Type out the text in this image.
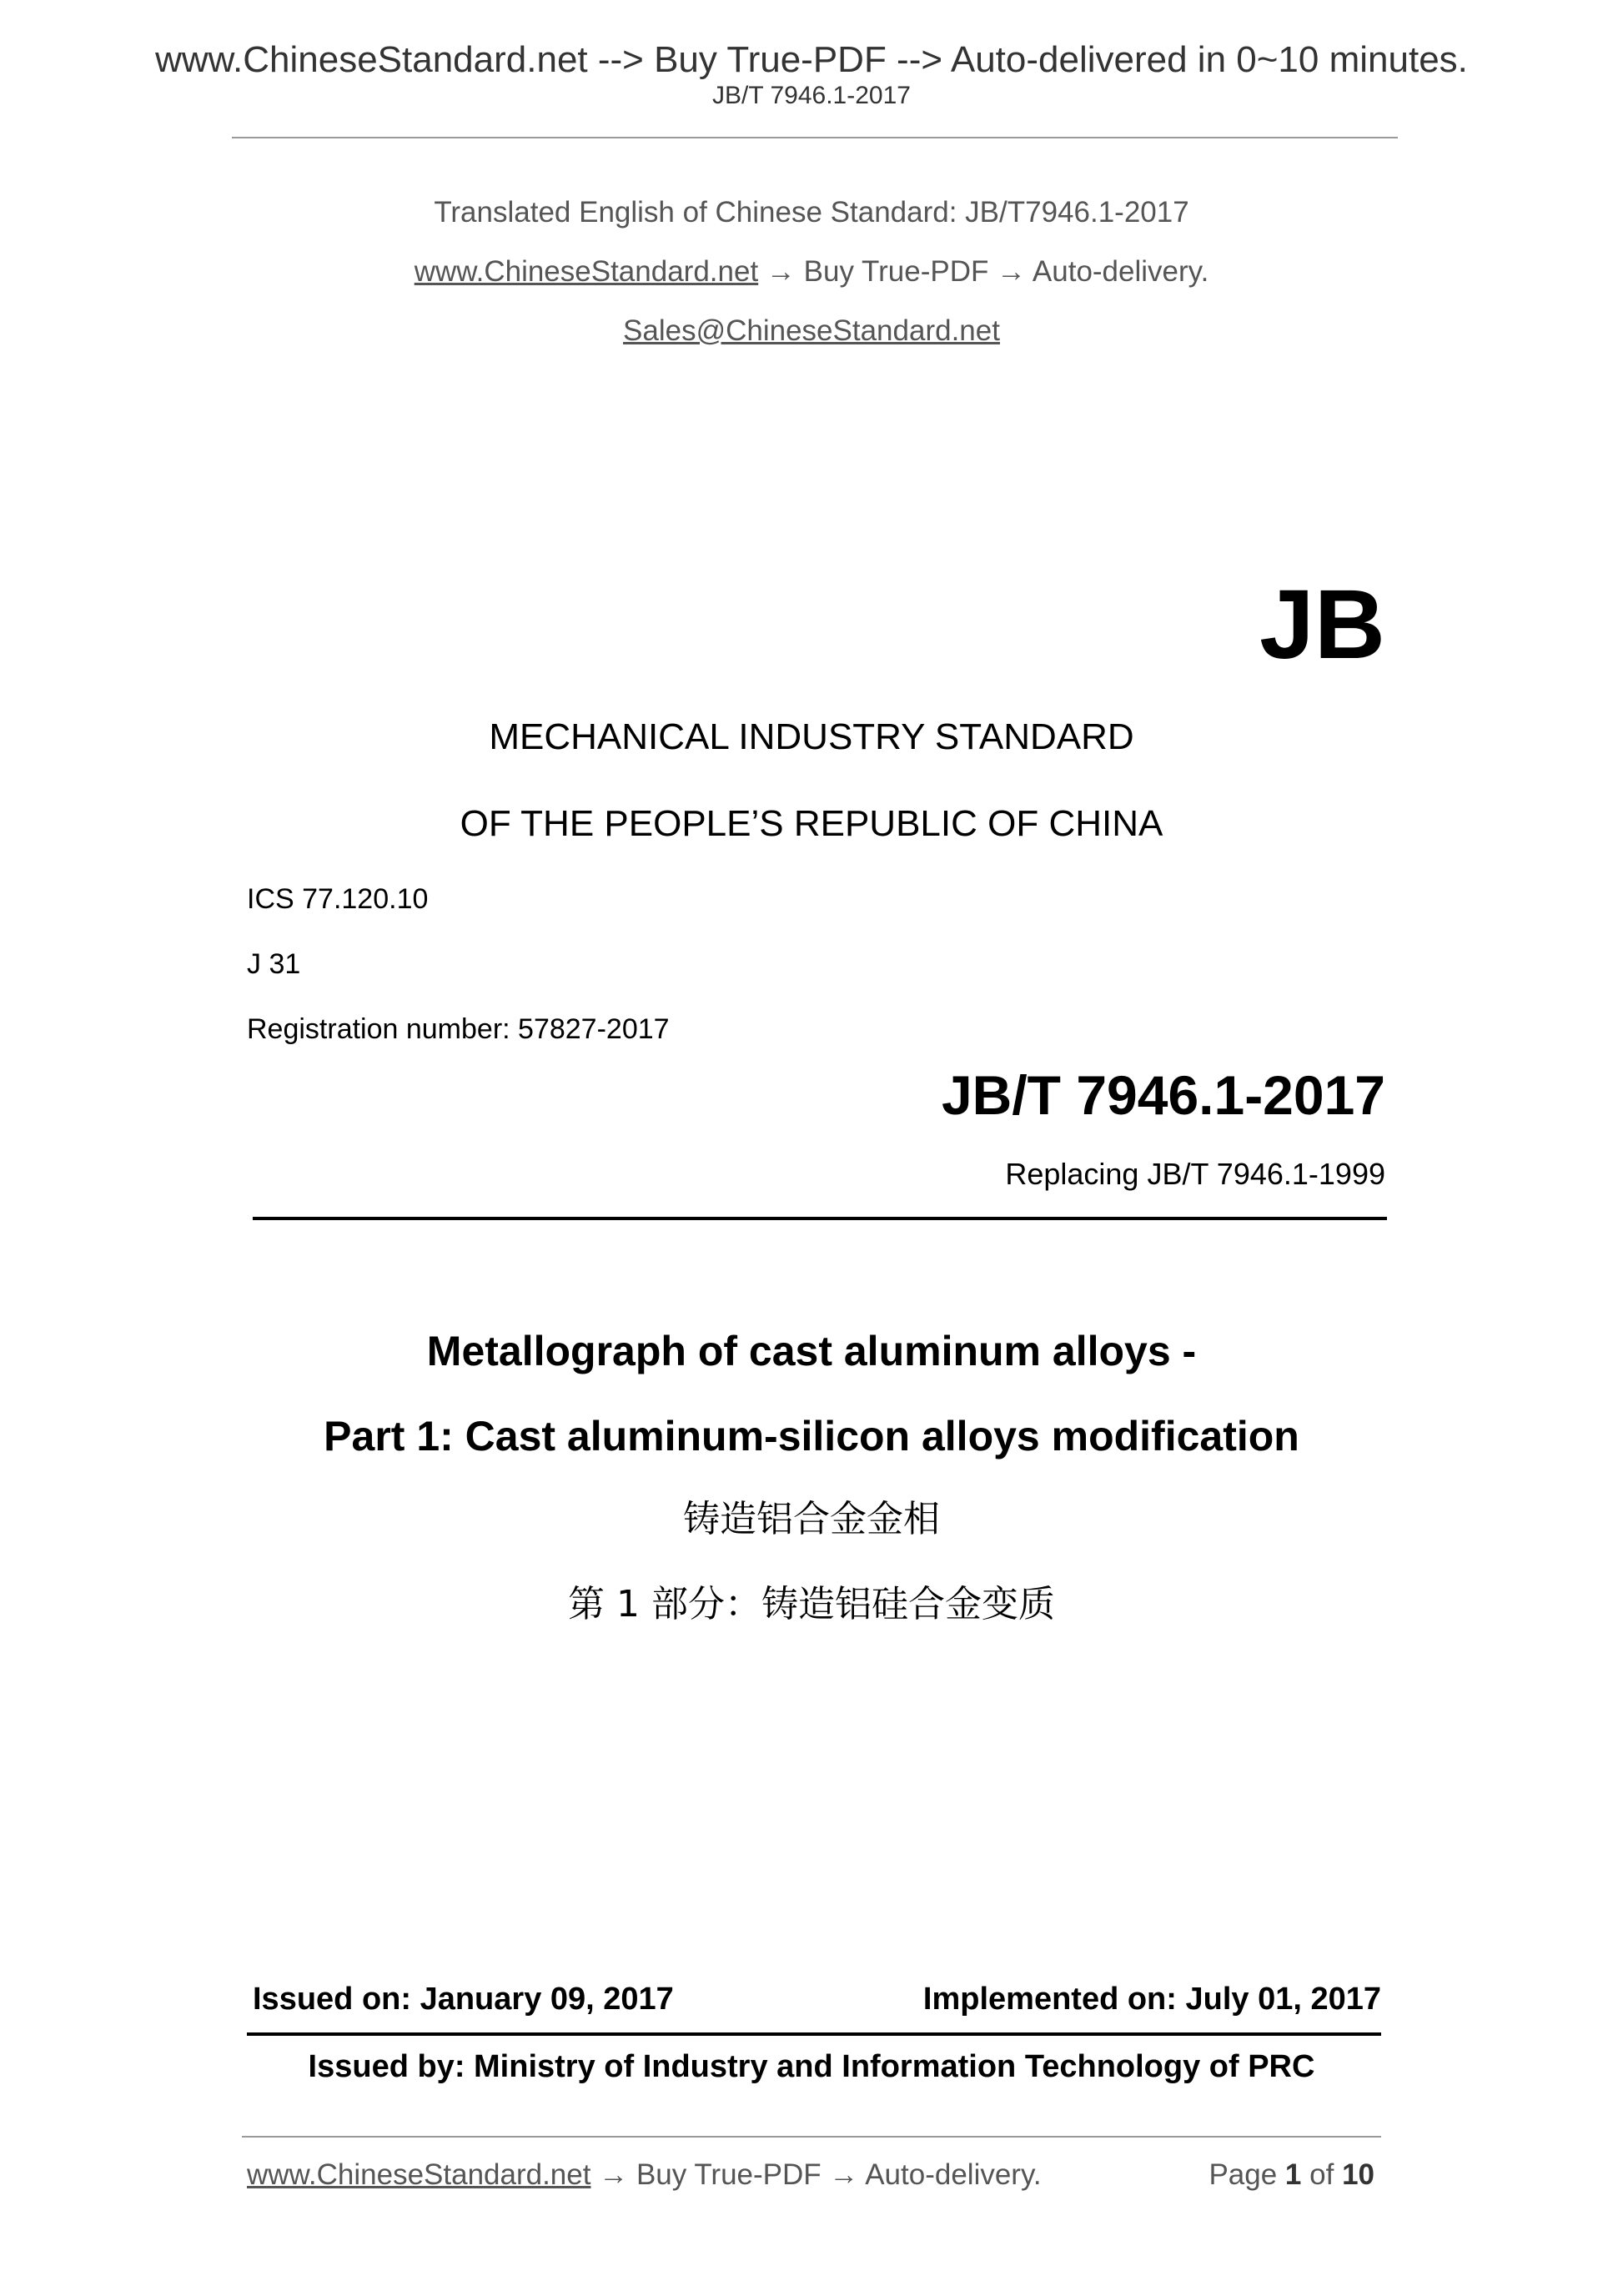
www.ChineseStandard.net --> Buy True-PDF --> Auto-delivered in 0~10 minutes.
JB/T 7946.1-2017
Translated English of Chinese Standard: JB/T7946.1-2017
www.ChineseStandard.net → Buy True-PDF → Auto-delivery.
Sales@ChineseStandard.net
JB
MECHANICAL INDUSTRY STANDARD
OF THE PEOPLE’S REPUBLIC OF CHINA
ICS 77.120.10
J 31
Registration number: 57827-2017
JB/T 7946.1-2017
Replacing JB/T 7946.1-1999
Metallograph of cast aluminum alloys -
Part 1: Cast aluminum-silicon alloys modification
铸造铝合金金相
第 1 部分：铸造铝硅合金变质
Issued on: January 09, 2017	Implemented on: July 01, 2017
Issued by: Ministry of Industry and Information Technology of PRC
www.ChineseStandard.net → Buy True-PDF → Auto-delivery.	Page 1 of 10
